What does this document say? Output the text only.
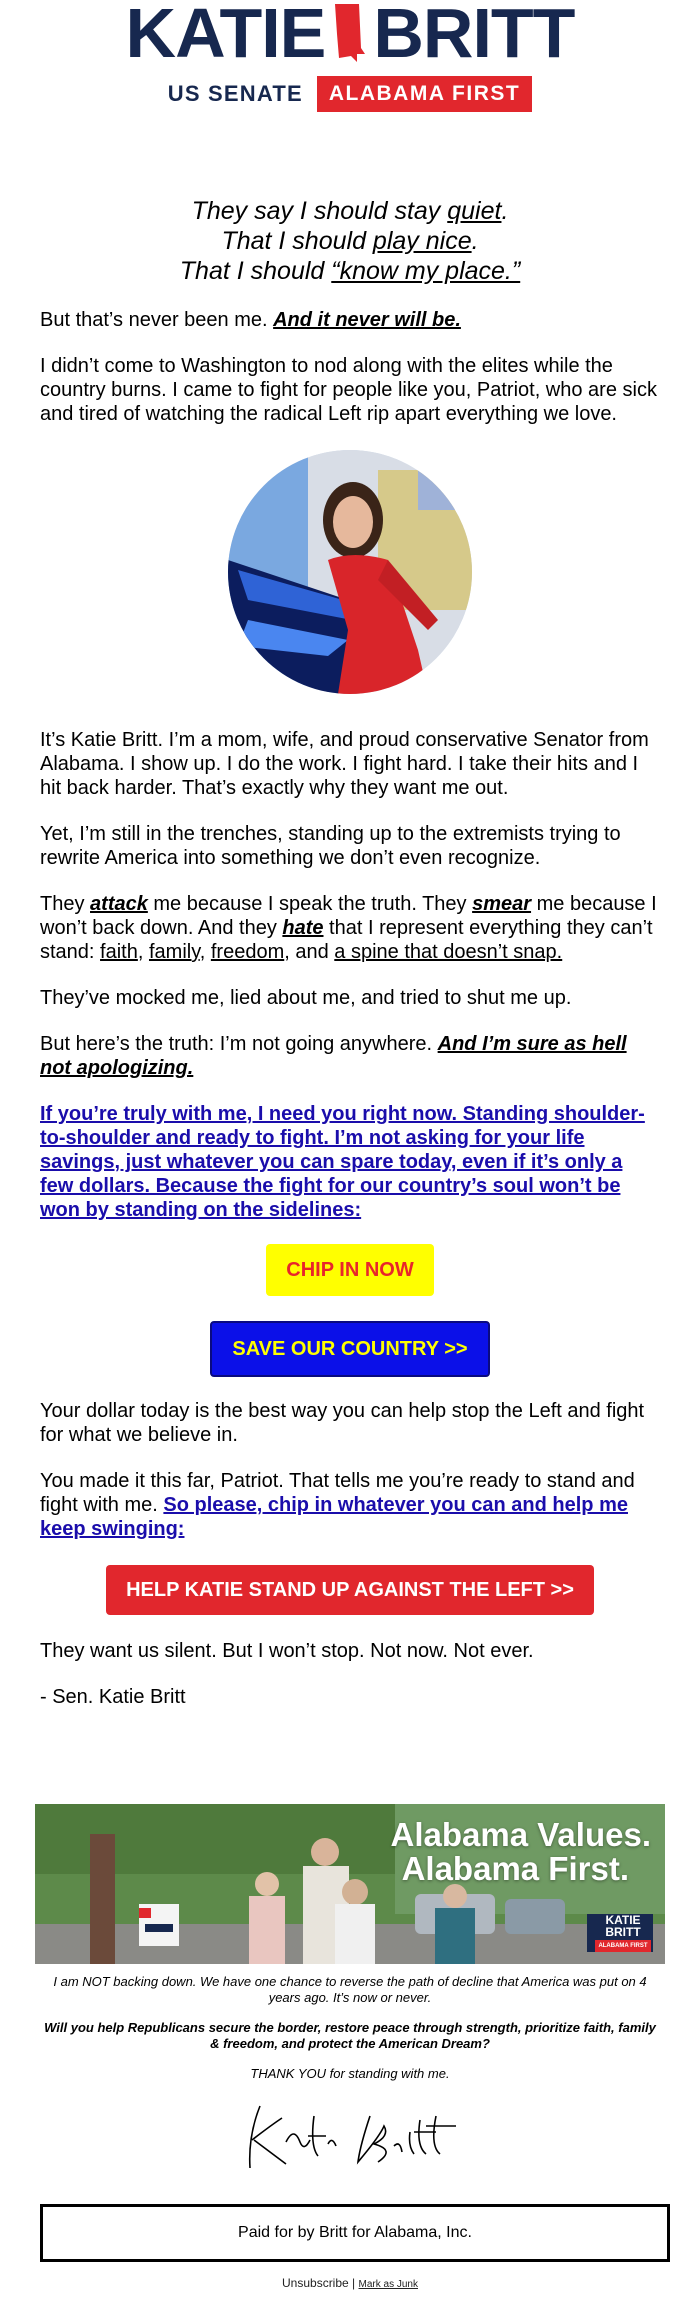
KATIE BRITT
US SENATE	ALABAMA FIRST
They say I should stay quiet.
That I should play nice.
That I should “know my place.”

But that’s never been me. And it never will be.

I didn’t come to Washington to nod along with the elites while the country burns. I came to fight for people like you, Patriot, who are sick and tired of watching the radical Left rip apart everything we love.

It’s Katie Britt. I’m a mom, wife, and proud conservative Senator from Alabama. I show up. I do the work. I fight hard. I take their hits and I hit back harder. That’s exactly why they want me out.

Yet, I’m still in the trenches, standing up to the extremists trying to rewrite America into something we don’t even recognize.

They attack me because I speak the truth. They smear me because I won’t back down. And they hate that I represent everything they can’t stand: faith, family, freedom, and a spine that doesn’t snap.

They’ve mocked me, lied about me, and tried to shut me up.

But here’s the truth: I’m not going anywhere. And I’m sure as hell not apologizing.

If you’re truly with me, I need you right now. Standing shoulder-to-shoulder and ready to fight. I’m not asking for your life savings, just whatever you can spare today, even if it’s only a few dollars. Because the fight for our country’s soul won’t be won by standing on the sidelines:

CHIP IN NOW
SAVE OUR COUNTRY >>

Your dollar today is the best way you can help stop the Left and fight for what we believe in.

You made it this far, Patriot. That tells me you’re ready to stand and fight with me. So please, chip in whatever you can and help me keep swinging:

HELP KATIE STAND UP AGAINST THE LEFT >>

They want us silent. But I won’t stop. Not now. Not ever.

- Sen. Katie Britt

Alabama Values.
Alabama First.
KATIE
BRITT
ALABAMA FIRST

I am NOT backing down. We have one chance to reverse the path of decline that America was put on 4 years ago. It’s now or never.

Will you help Republicans secure the border, restore peace through strength, prioritize faith, family & freedom, and protect the American Dream?

THANK YOU for standing with me.

Paid for by Britt for Alabama, Inc.
Unsubscribe | Mark as Junk
